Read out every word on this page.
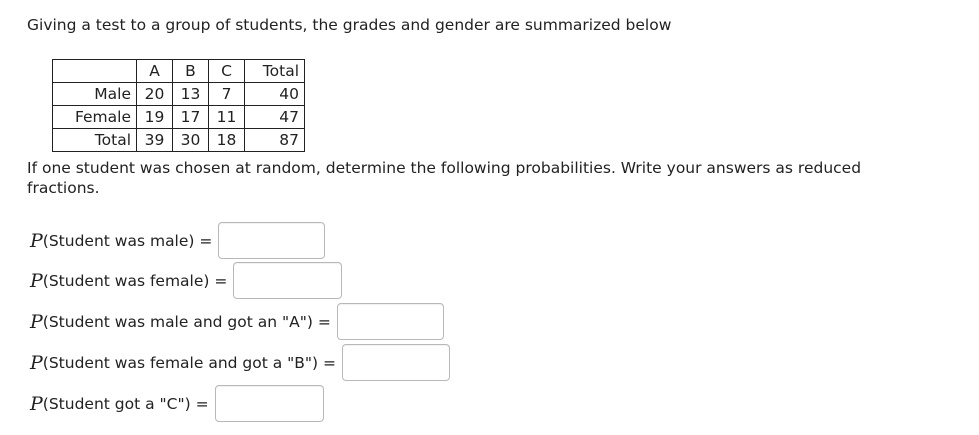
Giving a test to a group of students, the grades and gender are summarized below
	A	B	C	Total
Male	20	13	7	40
Female	19	17	11	47
Total	39	30	18	87
If one student was chosen at random, determine the following probabilities. Write your answers as reduced fractions.
P (Student was male) =
P (Student was female) =
P (Student was male and got an "A") =
P (Student was female and got a "B") =
P (Student got a "C") =
